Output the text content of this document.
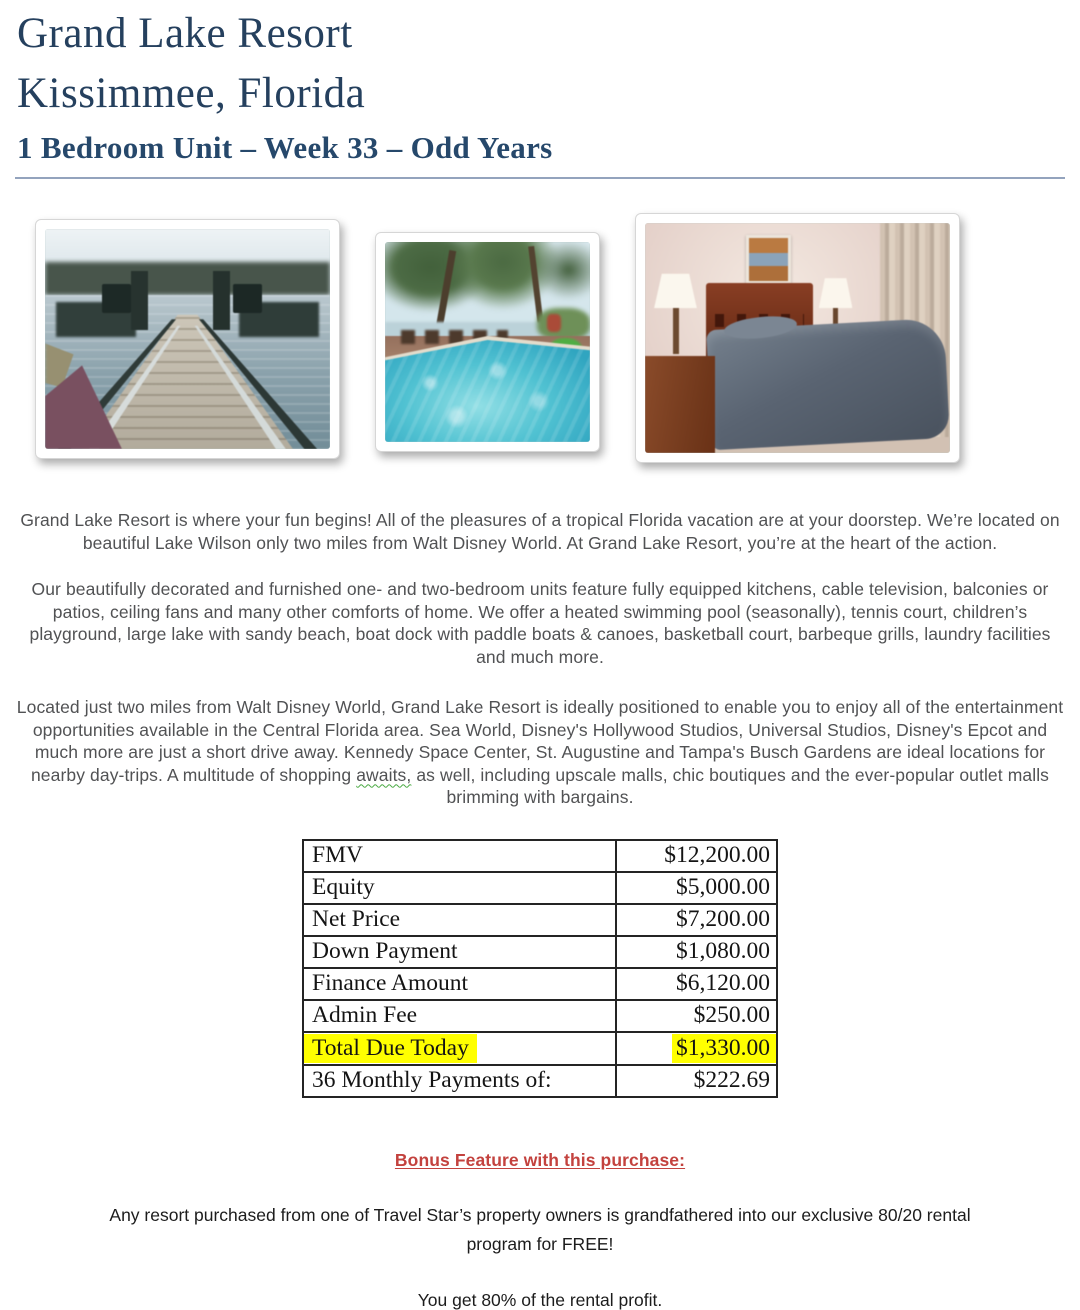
Grand Lake Resort
Kissimmee, Florida
1 Bedroom Unit – Week 33 – Odd Years

Grand Lake Resort is where your fun begins! All of the pleasures of a tropical Florida vacation are at your doorstep. We’re located on beautiful Lake Wilson only two miles from Walt Disney World. At Grand Lake Resort, you’re at the heart of the action.

Our beautifully decorated and furnished one- and two-bedroom units feature fully equipped kitchens, cable television, balconies or patios, ceiling fans and many other comforts of home. We offer a heated swimming pool (seasonally), tennis court, children’s playground, large lake with sandy beach, boat dock with paddle boats & canoes, basketball court, barbeque grills, laundry facilities and much more.

Located just two miles from Walt Disney World, Grand Lake Resort is ideally positioned to enable you to enjoy all of the entertainment opportunities available in the Central Florida area. Sea World, Disney's Hollywood Studios, Universal Studios, Disney's Epcot and much more are just a short drive away. Kennedy Space Center, St. Augustine and Tampa's Busch Gardens are ideal locations for nearby day-trips. A multitude of shopping awaits, as well, including upscale malls, chic boutiques and the ever-popular outlet malls brimming with bargains.

FMV	$12,200.00
Equity	$5,000.00
Net Price	$7,200.00
Down Payment	$1,080.00
Finance Amount	$6,120.00
Admin Fee	$250.00
Total Due Today	$1,330.00
36 Monthly Payments of:	$222.69
Bonus Feature with this purchase:

Any resort purchased from one of Travel Star’s property owners is grandfathered into our exclusive 80/20 rental
program for FREE!

You get 80% of the rental profit.
